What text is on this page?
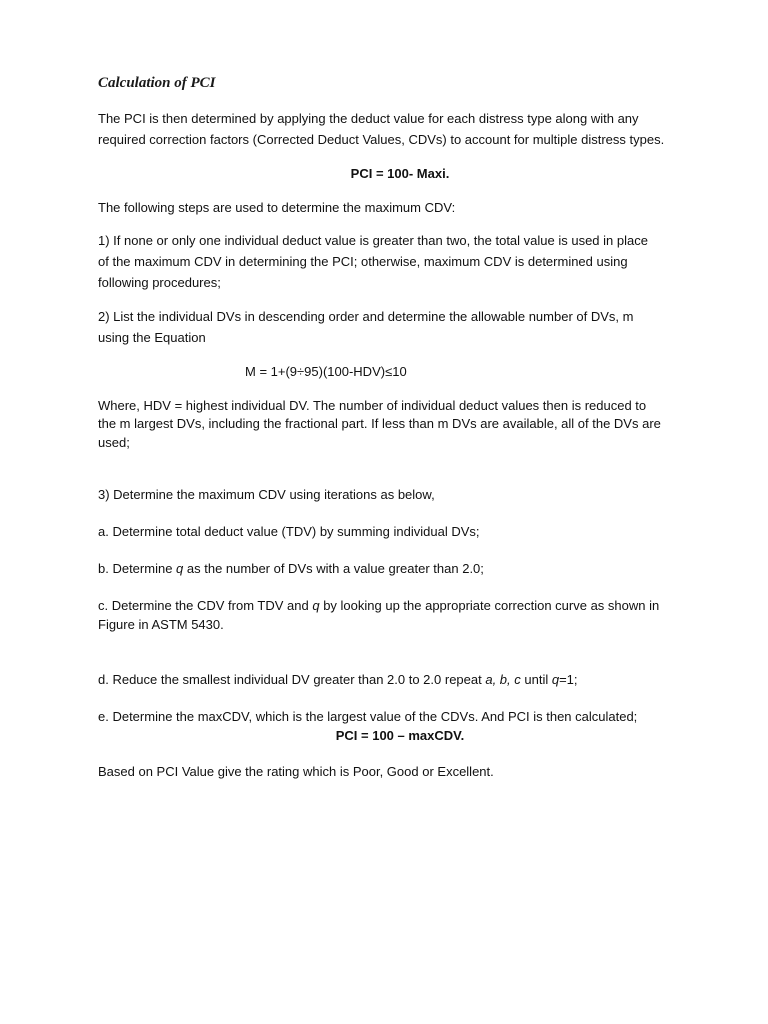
Calculation of PCI
The PCI is then determined by applying the deduct value for each distress type along with any
required correction factors (Corrected Deduct Values, CDVs) to account for multiple distress types.
PCI = 100- Maxi.
The following steps are used to determine the maximum CDV:
1) If none or only one individual deduct value is greater than two, the total value is used in place
of the maximum CDV in determining the PCI; otherwise, maximum CDV is determined using
following procedures;
2) List the individual DVs in descending order and determine the allowable number of DVs, m
using the Equation
M = 1+(9÷95)(100-HDV)≤10
Where, HDV = highest individual DV. The number of individual deduct values then is reduced to
the m largest DVs, including the fractional part. If less than m DVs are available, all of the DVs are
used;
3) Determine the maximum CDV using iterations as below,
a. Determine total deduct value (TDV) by summing individual DVs;
b. Determine q as the number of DVs with a value greater than 2.0;
c. Determine the CDV from TDV and q by looking up the appropriate correction curve as shown in
Figure in ASTM 5430.
d. Reduce the smallest individual DV greater than 2.0 to 2.0 repeat a, b, c until q=1;
e. Determine the maxCDV, which is the largest value of the CDVs. And PCI is then calculated;
PCI = 100 – maxCDV.
Based on PCI Value give the rating which is Poor, Good or Excellent.
